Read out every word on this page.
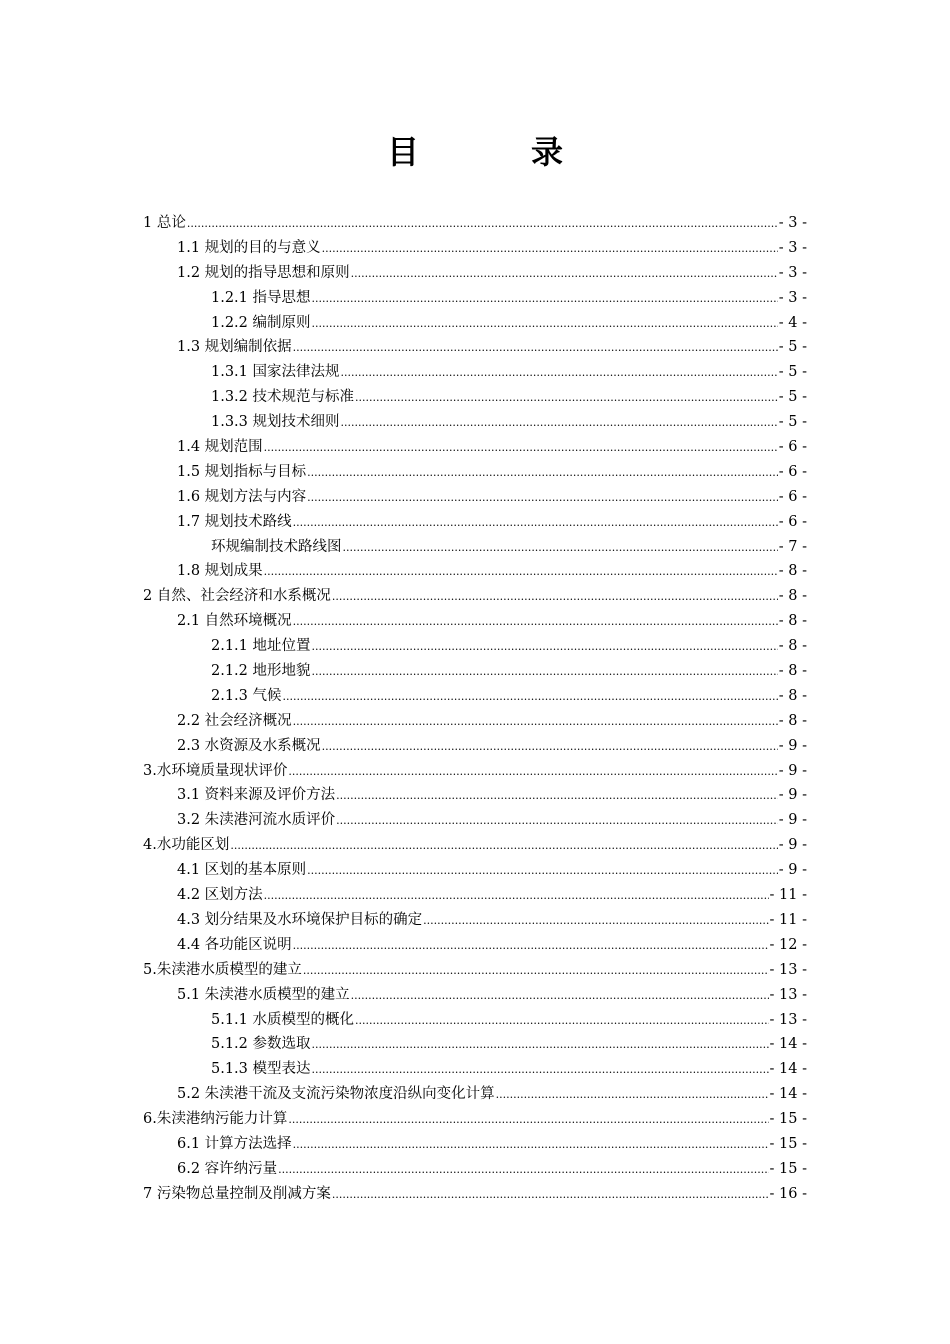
目　录
1 总论 .....	- 3 -
1.1 规划的目的与意义 .....	- 3 -
1.2 规划的指导思想和原则 .....	- 3 -
1.2.1 指导思想 .....	- 3 -
1.2.2 编制原则 .....	- 4 -
1.3 规划编制依据 .....	- 5 -
1.3.1 国家法律法规 .....	- 5 -
1.3.2 技术规范与标准 .....	- 5 -
1.3.3 规划技术细则 .....	- 5 -
1.4 规划范围 .....	- 6 -
1.5 规划指标与目标 .....	- 6 -
1.6 规划方法与内容 .....	- 6 -
1.7 规划技术路线 .....	- 6 -
环规编制技术路线图 .....	- 7 -
1.8 规划成果 .....	- 8 -
2 自然、社会经济和水系概况 .....	- 8 -
2.1 自然环境概况 .....	- 8 -
2.1.1 地址位置 .....	- 8 -
2.1.2 地形地貌 .....	- 8 -
2.1.3 气候 .....	- 8 -
2.2 社会经济概况 .....	- 8 -
2.3 水资源及水系概况 .....	- 9 -
3.水环境质量现状评价 .....	- 9 -
3.1 资料来源及评价方法 .....	- 9 -
3.2 朱渎港河流水质评价 .....	- 9 -
4.水功能区划 .....	- 9 -
4.1 区划的基本原则 .....	- 9 -
4.2 区划方法 .....	- 11 -
4.3 划分结果及水环境保护目标的确定 .....	- 11 -
4.4 各功能区说明 .....	- 12 -
5.朱渎港水质模型的建立 .....	- 13 -
5.1 朱渎港水质模型的建立 .....	- 13 -
5.1.1 水质模型的概化 .....	- 13 -
5.1.2 参数选取 .....	- 14 -
5.1.3 模型表达 .....	- 14 -
5.2 朱渎港干流及支流污染物浓度沿纵向变化计算 .....	- 14 -
6.朱渎港纳污能力计算 .....	- 15 -
6.1 计算方法选择 .....	- 15 -
6.2 容许纳污量 .....	- 15 -
7 污染物总量控制及削减方案 .....	- 16 -
